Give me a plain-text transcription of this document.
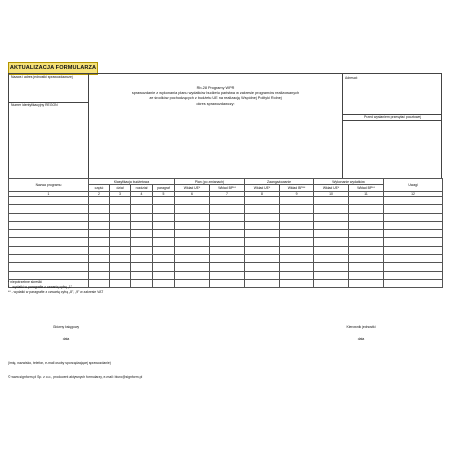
AKTUALIZACJA FORMULARZA
Nazwa i adres jednostki sprawozdawczej
Numer identyfikacyjny REGON
Rb-28 Programy WPR
sprawozdanie z wykonania planu wydatków budżetu państwa w zakresie programów realizowanych ze środków pochodzących z budżetu UE na realizację Wspólnej Polityki Rolnej
okres sprawozdawczy:
Adresat:
Przed wysłaniem przesyłać pocztowej
Nazwa programu	Klasyfikacja budżetowa				Plan (po zmianach)		Zaangażowanie		Wykonanie wydatków		Uwagi
	część	dział	rozdział	paragraf	Wkład UE*	Wkład BP**	Wkład UE*	Wkład BP**	Wkład UE*	Wkład BP**	
1	2	3	4	5	6	7	8	9	10	11	12

* niepotrzebne skreślić
* - wydatki w paragrafie z czwartą cyfrą „1”
** - wydatki w paragrafie z czwartą cyfrą „8”, „9” w zakresie VAT
Główny księgowy
data
Kierownik jednostki
data
(imię, nazwisko, telefon, e-mail osoby sporządzającej sprawozdanie)
© www.signform.pl Sp. z o.o., producent aktywnych formularzy, e-mail: biuro@signform.pl
